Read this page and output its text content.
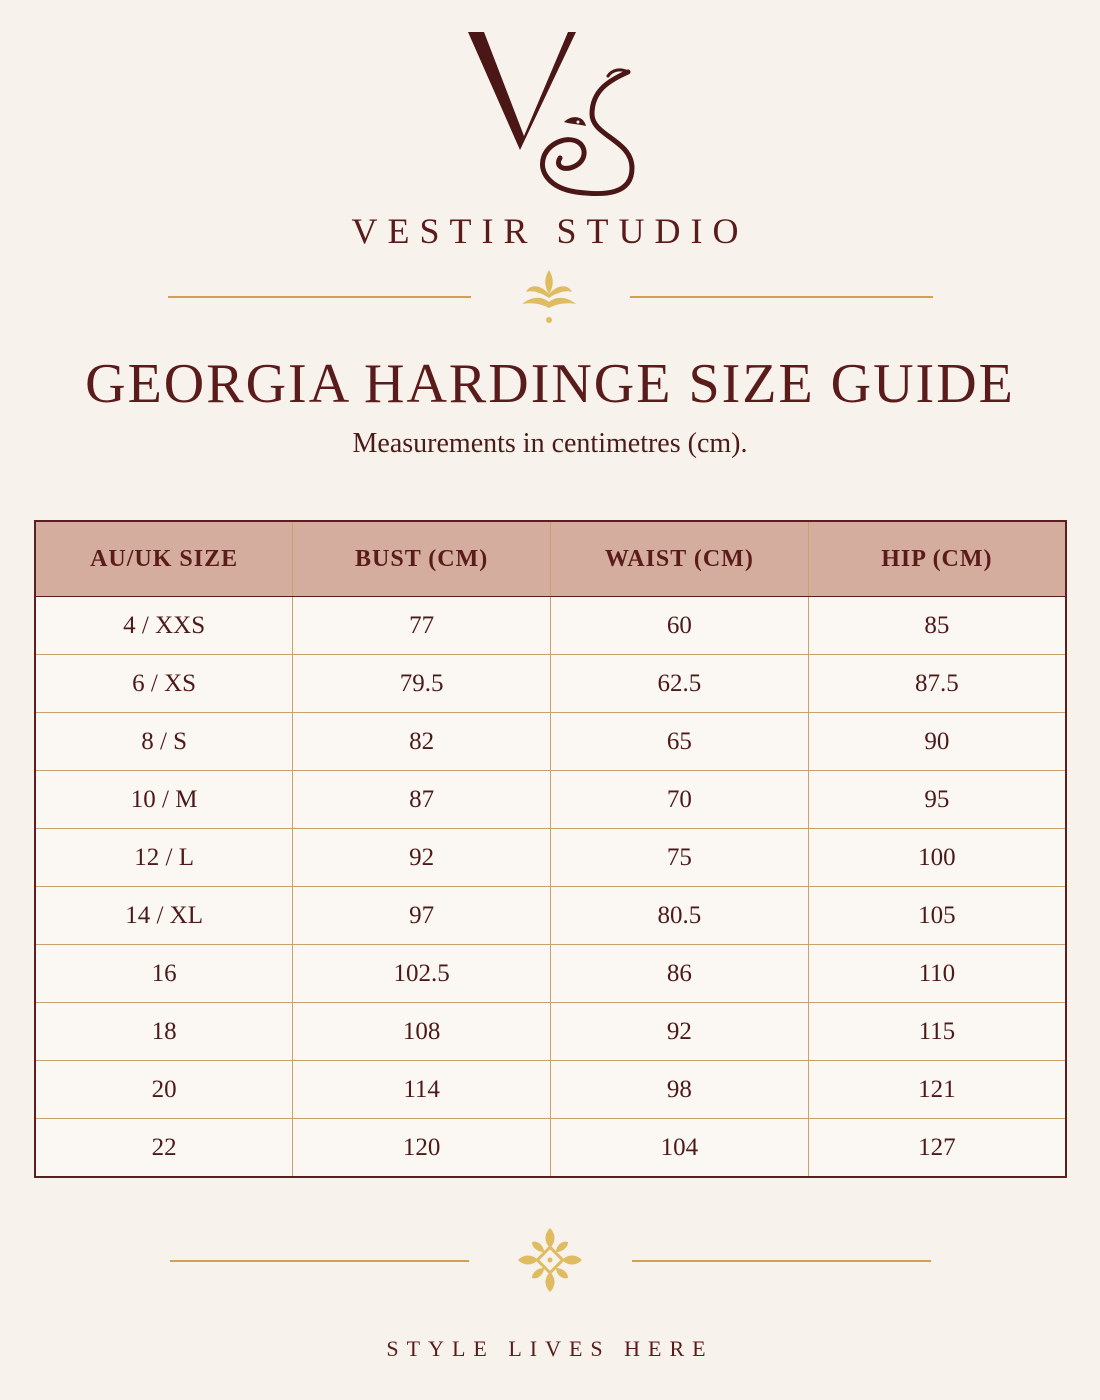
VESTIR STUDIO
GEORGIA HARDINGE SIZE GUIDE
Measurements in centimetres (cm).
AU/UK SIZE	BUST (CM)	WAIST (CM)	HIP (CM)
4 / XXS	77	60	85
6 / XS	79.5	62.5	87.5
8 / S	82	65	90
10 / M	87	70	95
12 / L	92	75	100
14 / XL	97	80.5	105
16	102.5	86	110
18	108	92	115
20	114	98	121
22	120	104	127
STYLE LIVES HERE
